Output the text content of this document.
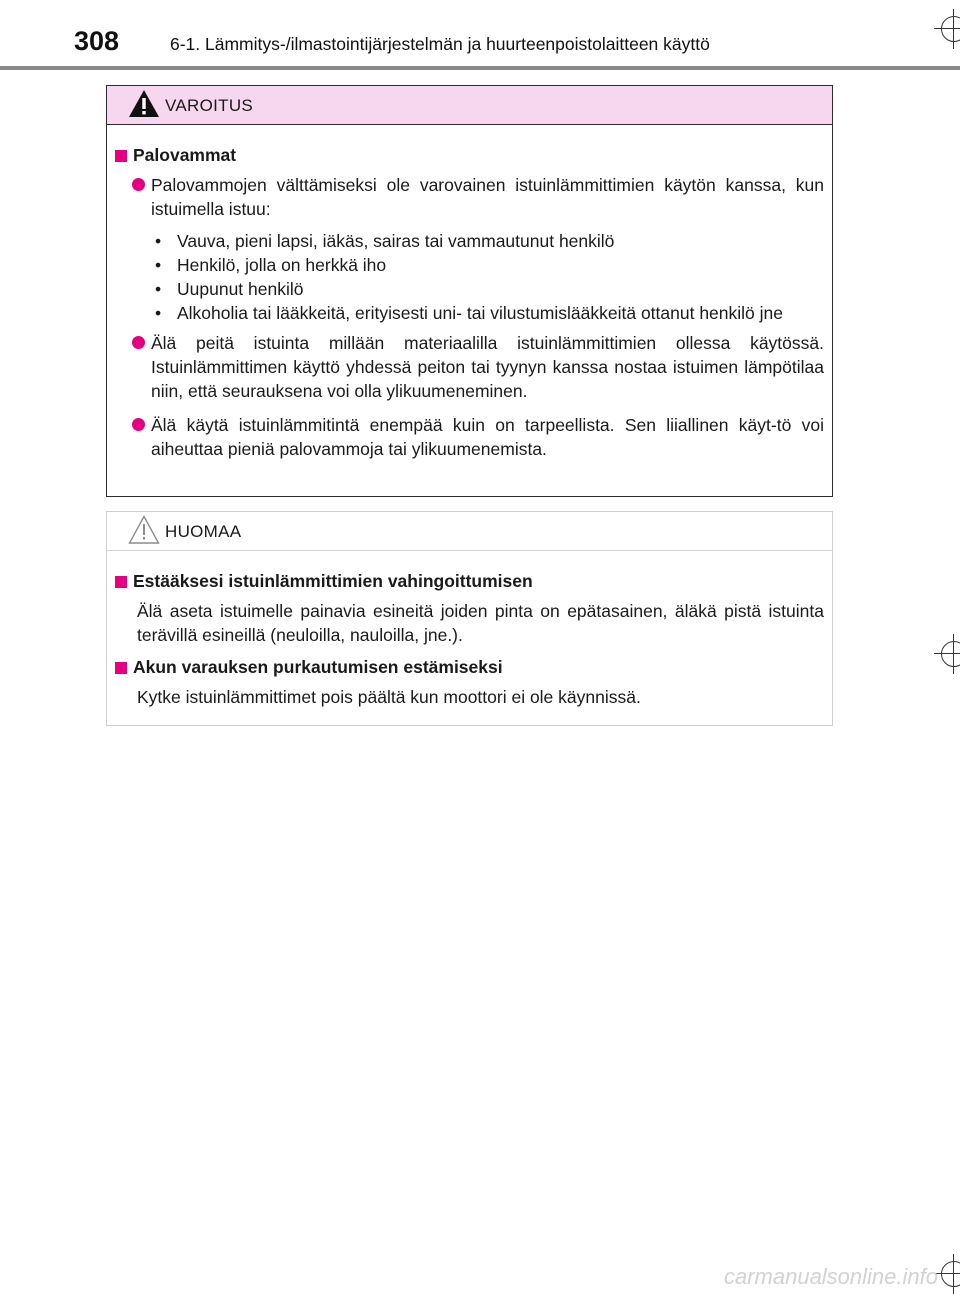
308	6-1. Lämmitys-/ilmastointijärjestelmän ja huurteenpoistolaitteen käyttö
VAROITUS
Palovammat
Palovammojen välttämiseksi ole varovainen istuinlämmittimien käytön kanssa, kun istuimella istuu:
• Vauva, pieni lapsi, iäkäs, sairas tai vammautunut henkilö
• Henkilö, jolla on herkkä iho
• Uupunut henkilö
• Alkoholia tai lääkkeitä, erityisesti uni- tai vilustumislääkkeitä ottanut henkilö jne
Älä peitä istuinta millään materiaalilla istuinlämmittimien ollessa käytössä. Istuinlämmittimen käyttö yhdessä peiton tai tyynyn kanssa nostaa istuimen lämpötilaa niin, että seurauksena voi olla ylikuumeneminen.
Älä käytä istuinlämmitintä enempää kuin on tarpeellista. Sen liiallinen käyt-tö voi aiheuttaa pieniä palovammoja tai ylikuumenemista.
HUOMAA
Estääksesi istuinlämmittimien vahingoittumisen
Älä aseta istuimelle painavia esineitä joiden pinta on epätasainen, äläkä pistä istuinta terävillä esineillä (neuloilla, nauloilla, jne.).
Akun varauksen purkautumisen estämiseksi
Kytke istuinlämmittimet pois päältä kun moottori ei ole käynnissä.
carmanualsonline.info
